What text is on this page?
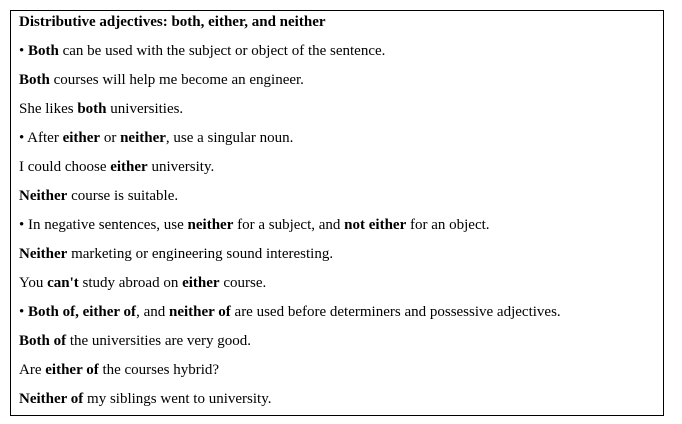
Distributive adjectives: both, either, and neither
• Both can be used with the subject or object of the sentence.
Both courses will help me become an engineer.
She likes both universities.
• After either or neither, use a singular noun.
I could choose either university.
Neither course is suitable.
• In negative sentences, use neither for a subject, and not either for an object.
Neither marketing or engineering sound interesting.
You can't study abroad on either course.
• Both of, either of, and neither of are used before determiners and possessive adjectives.
Both of the universities are very good.
Are either of the courses hybrid?
Neither of my siblings went to university.
